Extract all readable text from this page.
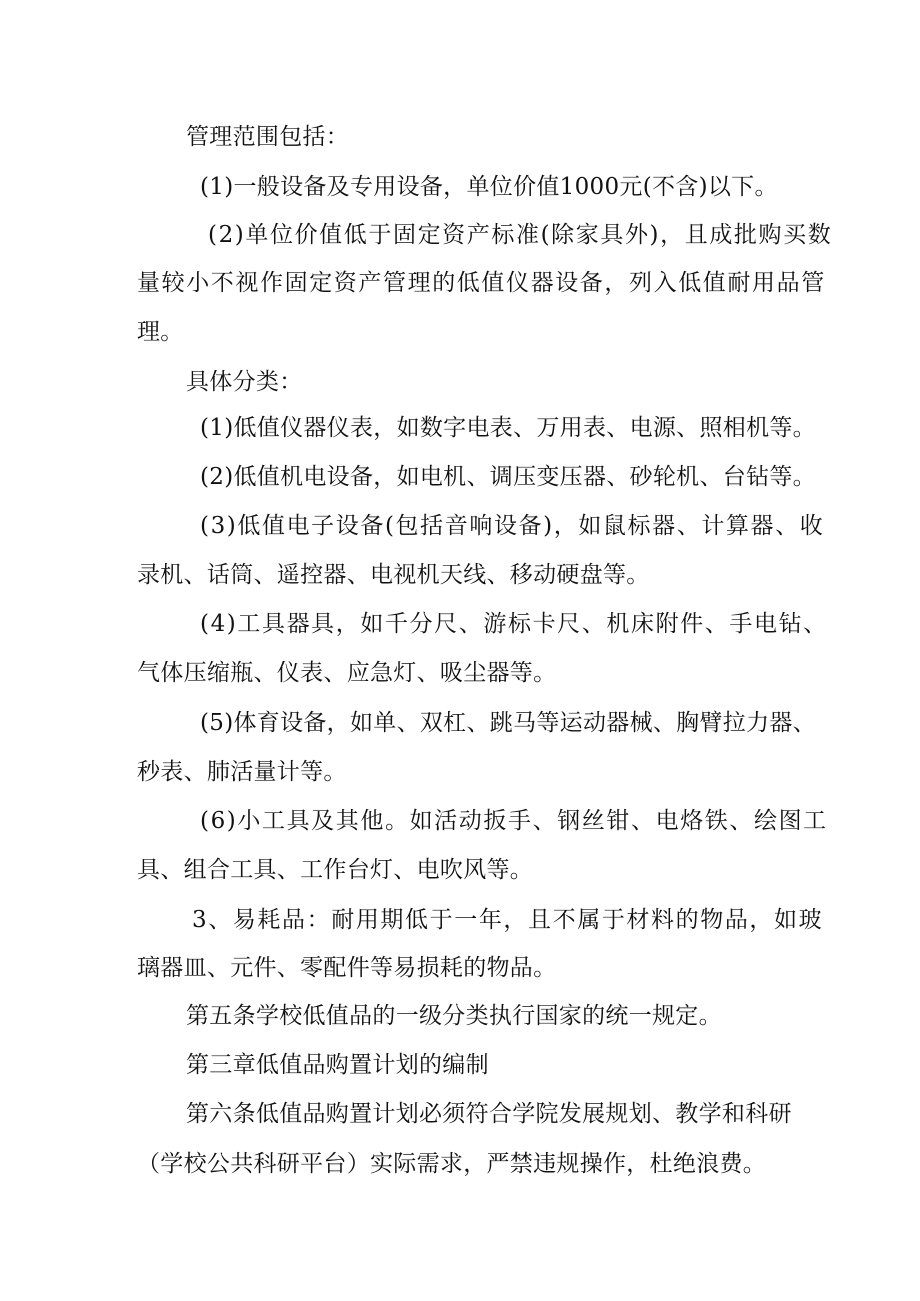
管理范围包括：
(1)一般设备及专用设备，单位价值1000元(不含)以下。
(2)单位价值低于固定资产标准(除家具外)，且成批购买数
量较小不视作固定资产管理的低值仪器设备，列入低值耐用品管
理。
具体分类：
(1)低值仪器仪表，如数字电表、万用表、电源、照相机等。
(2)低值机电设备，如电机、调压变压器、砂轮机、台钻等。
(3)低值电子设备(包括音响设备)，如鼠标器、计算器、收
录机、话筒、遥控器、电视机天线、移动硬盘等。
(4)工具器具，如千分尺、游标卡尺、机床附件、手电钻、
气体压缩瓶、仪表、应急灯、吸尘器等。
(5)体育设备，如单、双杠、跳马等运动器械、胸臂拉力器、
秒表、肺活量计等。
(6)小工具及其他。如活动扳手、钢丝钳、电烙铁、绘图工
具、组合工具、工作台灯、电吹风等。
3、易耗品：耐用期低于一年，且不属于材料的物品，如玻
璃器皿、元件、零配件等易损耗的物品。
第五条学校低值品的一级分类执行国家的统一规定。
第三章低值品购置计划的编制
第六条低值品购置计划必须符合学院发展规划、教学和科研
（学校公共科研平台）实际需求，严禁违规操作，杜绝浪费。
